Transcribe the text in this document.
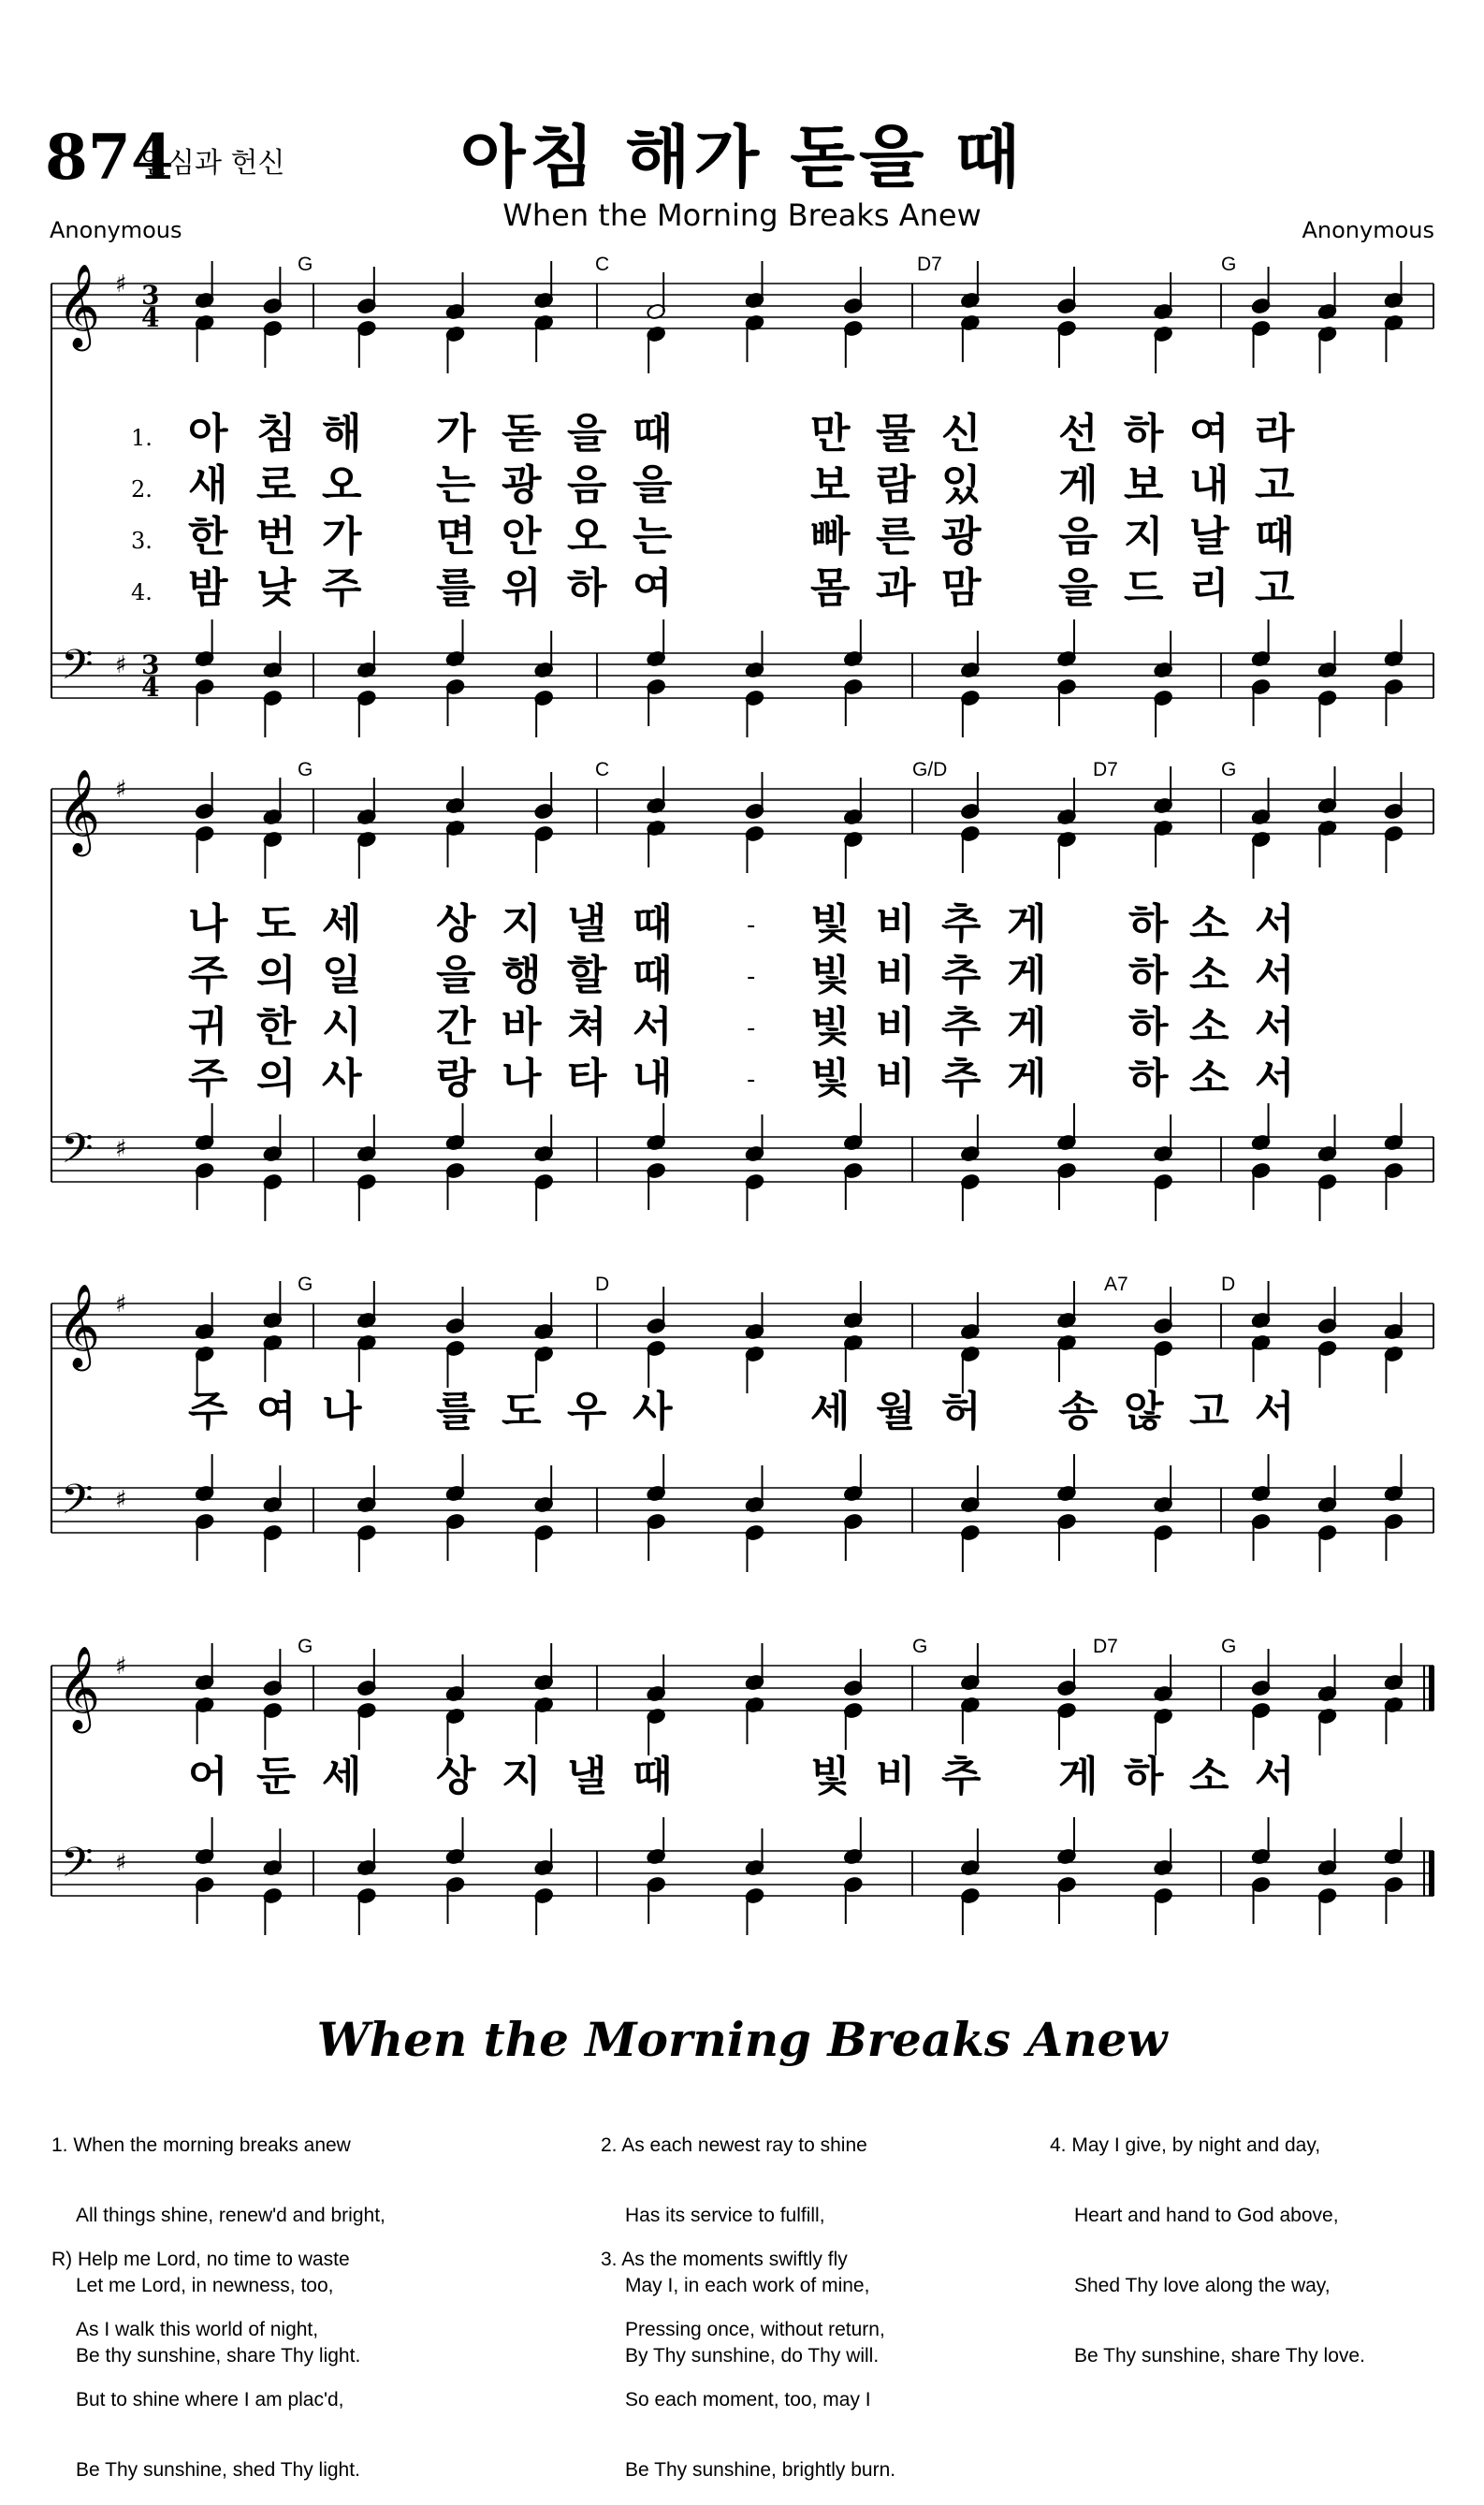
874
열심과 헌신	아침 해가 돋을 때
When the Morning Breaks Anew
Anonymous	Anonymous
𝄞
𝄢
♯
♯
3
4
3
4
G	C	D7	G
𝄞
𝄢
♯
♯
G	C	G/D	D7	G
𝄞
𝄢
♯
♯
G	D	A7	D
𝄞
𝄢
♯
♯
G	G	D7	G
1. 아 침 해 가 돋 을 때	만 물 신 선 하 여 라
2. 새 로 오 는 광 음 을	보 람 있 게 보 내 고
3. 한 번 가 면 안 오 는	빠 른 광 음 지 날 때
4. 밤 낮 주 를 위 하 여	몸 과 맘 을 드 리 고
나 도 세 상 지 낼 때	- 빛 비 추 게 하 소 서
주 의 일 을 행 할 때	- 빛 비 추 게 하 소 서
귀 한 시 간 바 쳐 서	- 빛 비 추 게 하 소 서
주 의 사 랑 나 타 내	- 빛 비 추 게 하 소 서
주 여 나 를 도 우 사	세 월 허 송 않 고 서
어 둔 세 상 지 낼 때	빛 비 추 게 하 소 서
When the Morning Breaks Anew

1. When the morning breaks anew

All things shine, renew'd and bright,

Let me Lord, in newness, too,

Be thy sunshine, share Thy light.

R) Help me Lord, no time to waste

As I walk this world of night,

But to shine where I am plac'd,

Be Thy sunshine, shed Thy light.

2. As each newest ray to shine

Has its service to fulfill,

May I, in each work of mine,

By Thy sunshine, do Thy will.

3. As the moments swiftly fly

Pressing once, without return,

So each moment, too, may I

Be Thy sunshine, brightly burn.

4. May I give, by night and day,

Heart and hand to God above,

Shed Thy love along the way,

Be Thy sunshine, share Thy love.
